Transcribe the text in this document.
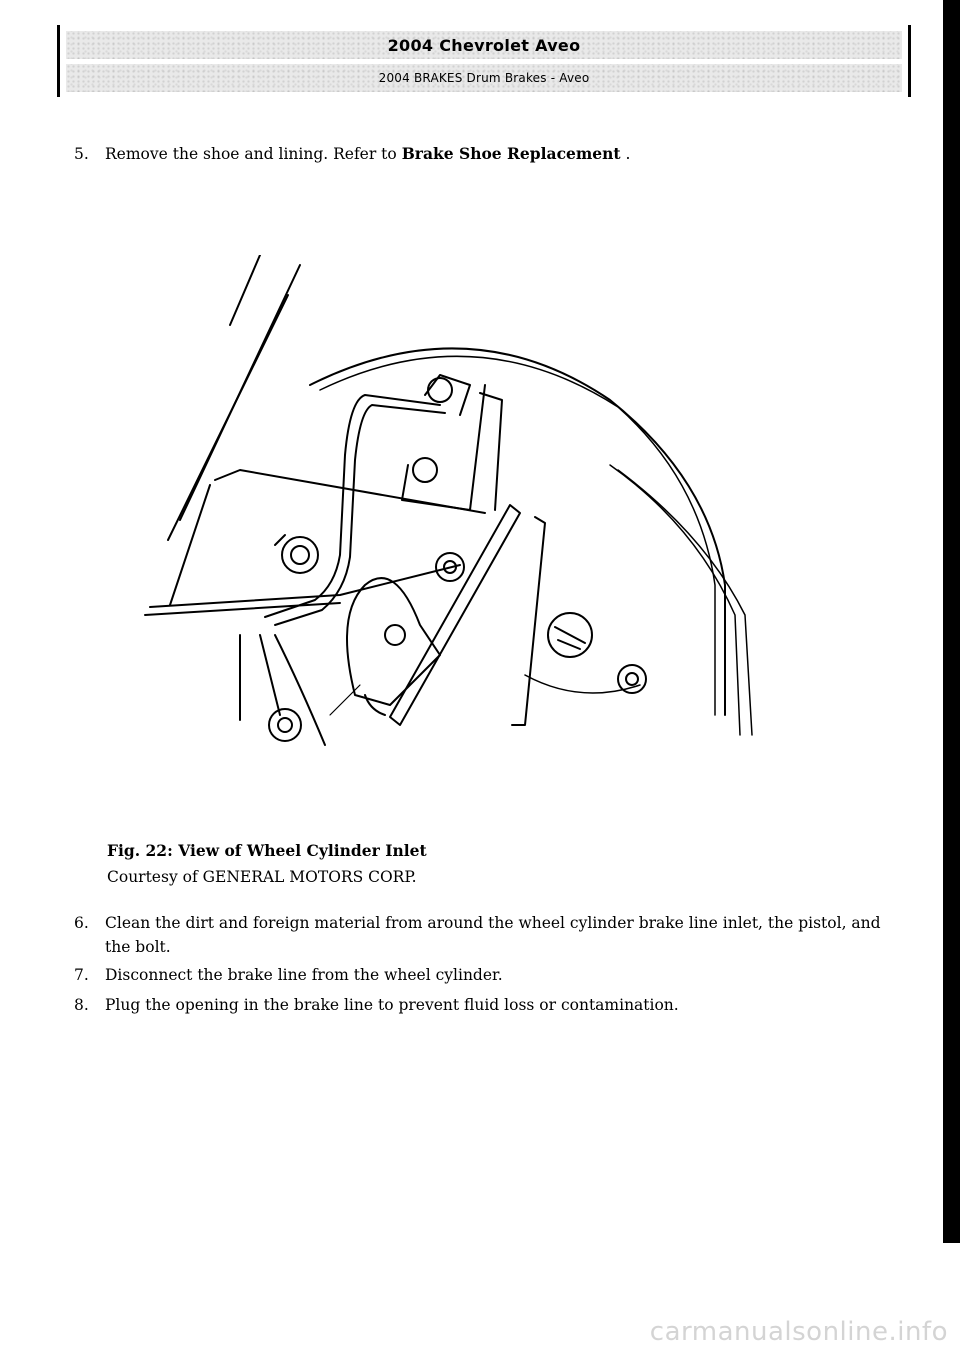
2004 Chevrolet Aveo
2004 BRAKES Drum Brakes - Aveo
5.	Remove the shoe and lining. Refer to Brake Shoe Replacement .
Fig. 22: View of Wheel Cylinder Inlet
Courtesy of GENERAL MOTORS CORP.
6.	Clean the dirt and foreign material from around the wheel cylinder brake line inlet, the pistol, and the bolt.
7.	Disconnect the brake line from the wheel cylinder.
8.	Plug the opening in the brake line to prevent fluid loss or contamination.
carmanualsonline.info
